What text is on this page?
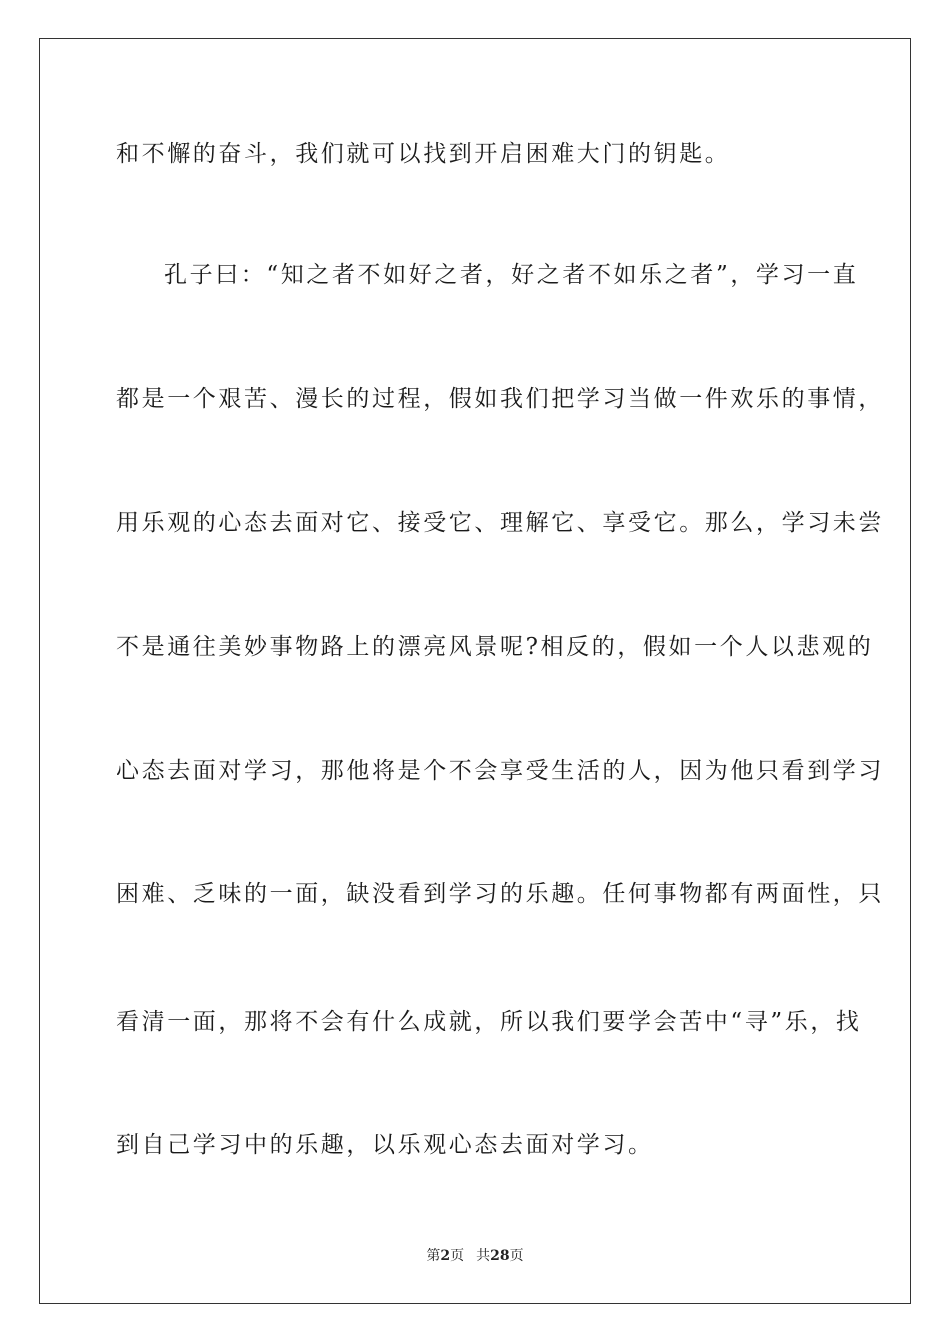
和不懈的奋斗，我们就可以找到开启困难大门的钥匙。
孔子曰：“知之者不如好之者，好之者不如乐之者”，学习一直
都是一个艰苦、漫长的过程，假如我们把学习当做一件欢乐的事情，
用乐观的心态去面对它、接受它、理解它、享受它。那么，学习未尝
不是通往美妙事物路上的漂亮风景呢?相反的，假如一个人以悲观的
心态去面对学习，那他将是个不会享受生活的人，因为他只看到学习
困难、乏味的一面，缺没看到学习的乐趣。任何事物都有两面性，只
看清一面，那将不会有什么成就，所以我们要学会苦中“寻”乐，找
到自己学习中的乐趣，以乐观心态去面对学习。
第2页 共28页
